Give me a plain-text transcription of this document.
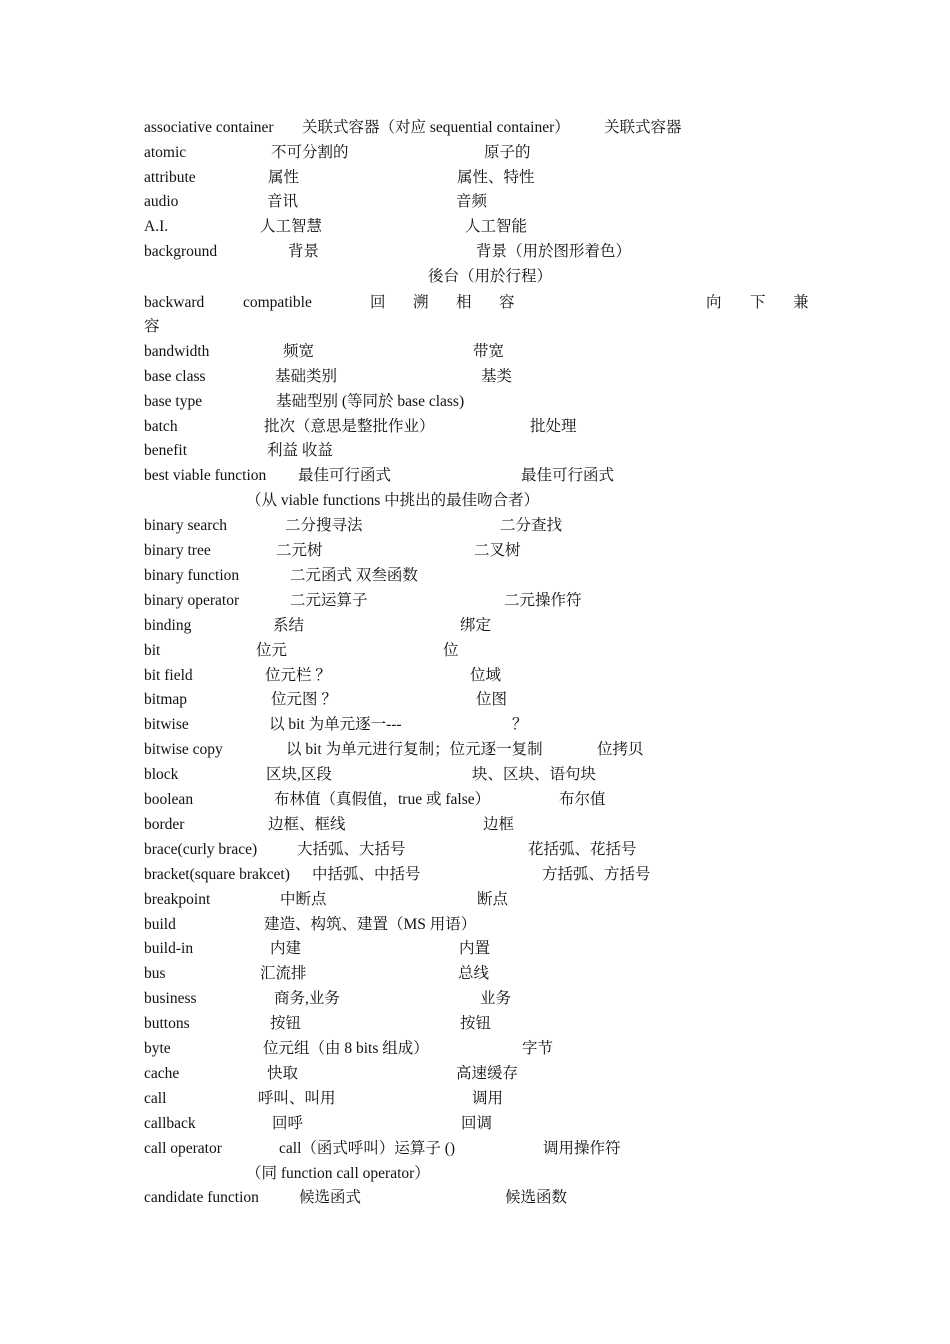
associative container 关联式容器（对应 sequential container） 关联式容器
atomic	不可分割的	原子的
attribute	属性	属性、特性
audio	音讯	音频
A.I.	人工智慧	人工智能
background	背景	背景（用於图形着色）
後台（用於行程）
backward	compatible	回 溯 相 容	向 下 兼
容
bandwidth	频宽	带宽
base class	基础类别	基类
base type	基础型别 (等同於 base class)
batch	批次（意思是整批作业）	批处理
benefit	利益 收益
best viable function 最佳可行函式	最佳可行函式
（从 viable functions 中挑出的最佳吻合者）
binary search	二分搜寻法	二分查找
binary tree	二元树	二叉树
binary function	二元函式 双叁函数
binary operator	二元运算子	二元操作符
binding	系结	绑定
bit	位元	位
bit field	位元栏 ？	位域
bitmap	位元图 ？	位图
bitwise	以 bit 为单元逐一---	？
bitwise copy	以 bit 为单元进行复制；位元逐一复制	位拷贝
block	区块,区段	块、区块、语句块
boolean	布林值（真假值，true 或 false）	布尔值
border	边框、框线	边框
brace(curly brace)	大括弧、大括号	花括弧、花括号
bracket(square brakcet) 中括弧、中括号	方括弧、方括号
breakpoint	中断点	断点
build	建造、构筑、建置（MS 用语）
build-in	内建	内置
bus	汇流排	总线
business	商务,业务	业务
buttons	按钮	按钮
byte	位元组（由 8 bits 组成）	字节
cache	快取	高速缓存
call	呼叫、叫用	调用
callback	回呼	回调
call operator	call（函式呼叫）运算子 ()	调用操作符
（同 function call operator）
candidate function	候选函式	候选函数
